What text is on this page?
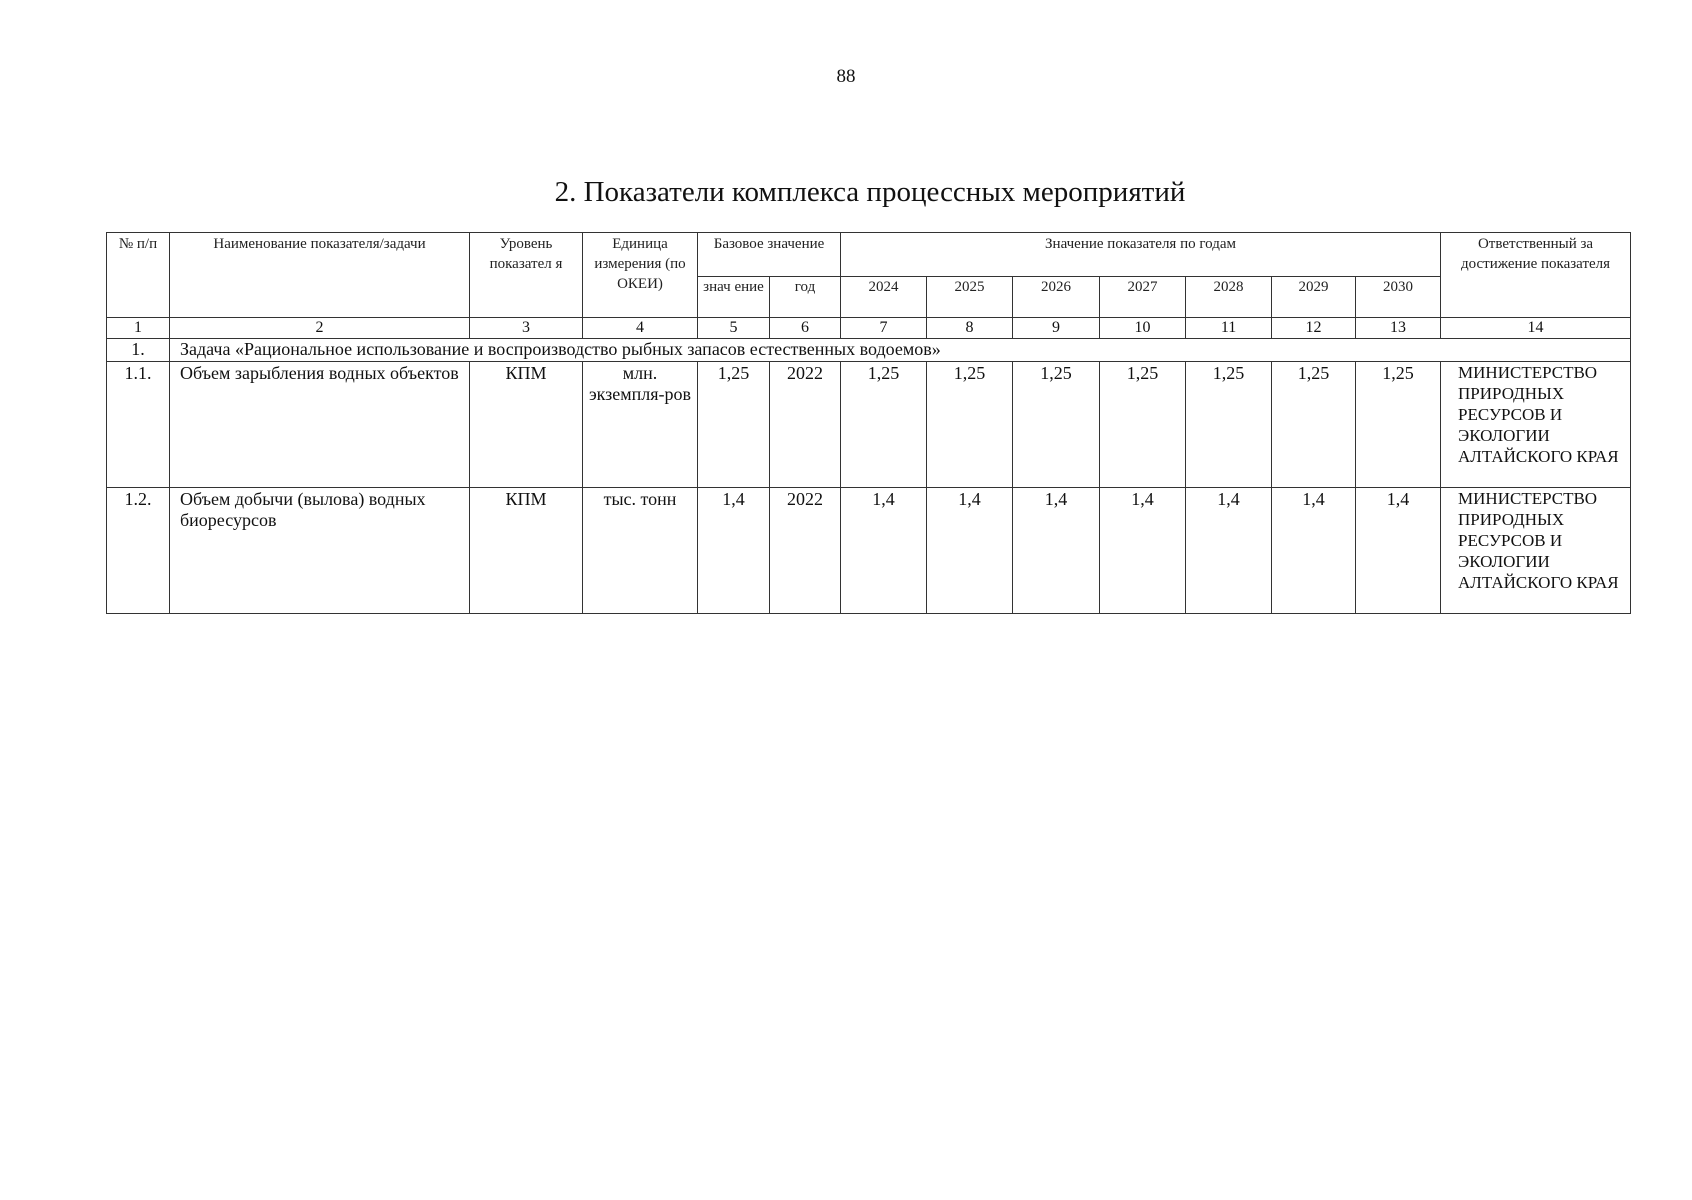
88
2. Показатели комплекса процессных мероприятий
№ п/п	Наименование показателя/задачи	Уровень показател я	Единица измерения (по ОКЕИ)	Базовое значение		Значение показателя по годам							Ответственный за достижение показателя
				знач ение	год	2024	2025	2026	2027	2028	2029	2030	
1	2	3	4	5	6	7	8	9	10	11	12	13	14
1.	Задача «Рациональное использование и воспроизводство рыбных запасов естественных водоемов»												
1.1.	Объем зарыбления водных объектов	КПМ	млн. экземпля-ров	1,25	2022	1,25	1,25	1,25	1,25	1,25	1,25	1,25	МИНИСТЕРСТВО ПРИРОДНЫХ РЕСУРСОВ И ЭКОЛОГИИ АЛТАЙСКОГО КРАЯ
1.2.	Объем добычи (вылова) водных биоресурсов	КПМ	тыс. тонн	1,4	2022	1,4	1,4	1,4	1,4	1,4	1,4	1,4	МИНИСТЕРСТВО ПРИРОДНЫХ РЕСУРСОВ И ЭКОЛОГИИ АЛТАЙСКОГО КРАЯ
